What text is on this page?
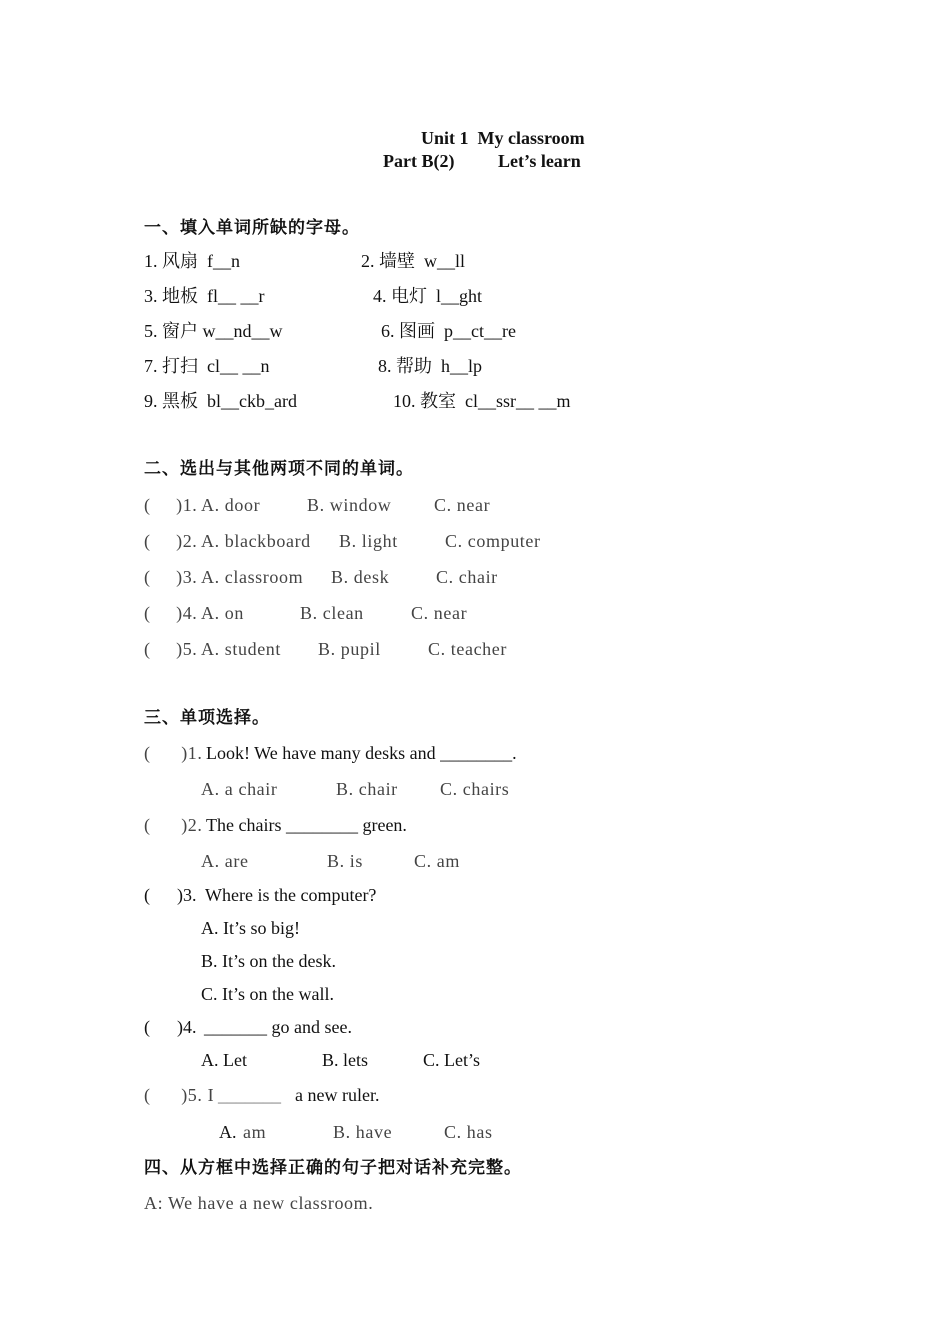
Unit 1  My classroom
Part B(2) Let’s learn
一、填入单词所缺的字母。
1. 风扇  f__n	2. 墙壁  w__ll
3. 地板  fl__ __r	4. 电灯  l__ght
5. 窗户 w__nd__w	6. 图画  p__ct__re
7. 打扫  cl__ __n	8. 帮助  h__lp
9. 黑板  bl__ckb_ard	10. 教室  cl__ssr__ __m
二、选出与其他两项不同的单词。
(     )1. A. door	B. window C. near
(     )2. A. blackboard B. light	C. computer
(     )3. A. classroom B. desk	C. chair
(     )4. A. on	B. clean	C. near
(     )5. A. student B. pupil	C. teacher
三、单项选择。
(      )1. Look! We have many desks and ________.
A. a chair	B. chair C. chairs
(      )2. The chairs ________ green.
A. are	B. is	C. am
(      )3. Where is the computer?
A. It’s so big!
B. It’s on the desk.
C. It’s on the wall.
(      )4. _______ go and see.
A. Let	B. lets	C. Let’s
(      )5. I _______ a new ruler.
A. am	B. have	C. has
四、从方框中选择正确的句子把对话补充完整。
A: We have a new classroom.
